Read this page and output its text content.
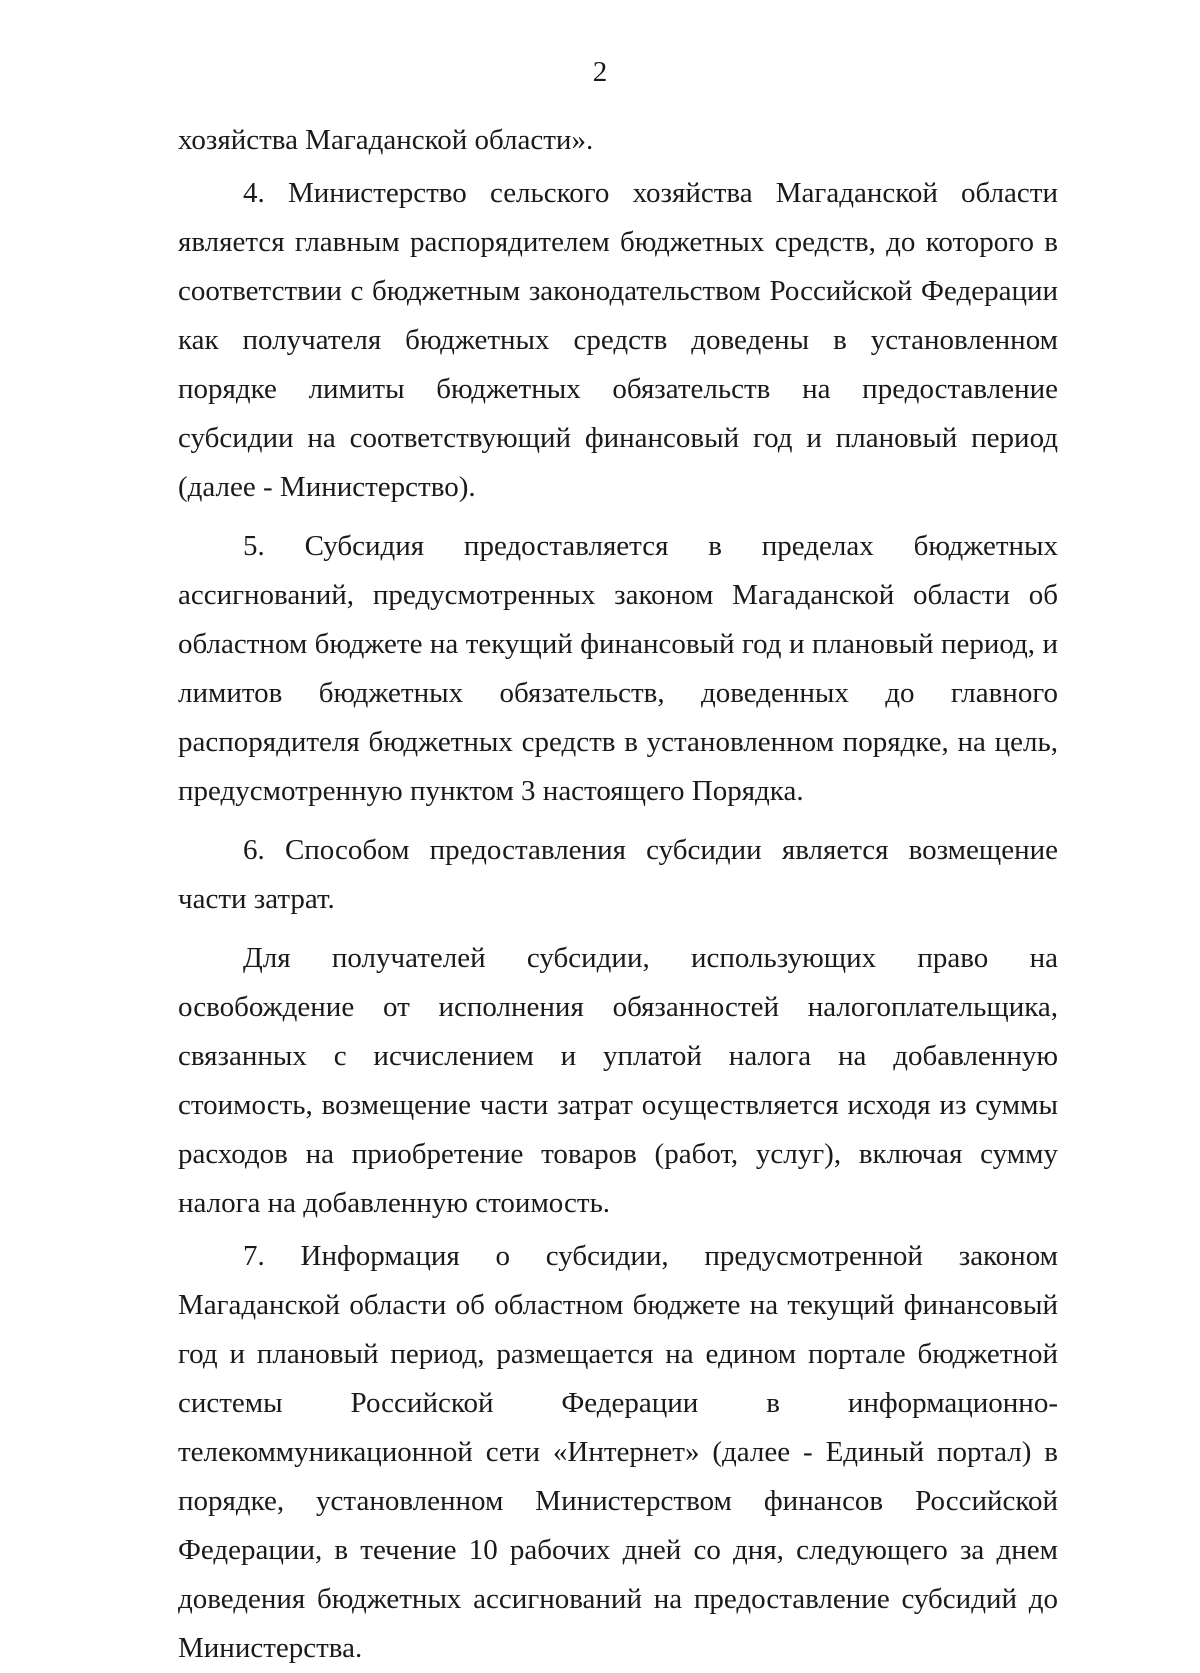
2

хозяйства Магаданской области».

4. Министерство сельского хозяйства Магаданской области является главным распорядителем бюджетных средств, до которого в соответствии с бюджетным законодательством Российской Федерации как получателя бюджетных средств доведены в установленном порядке лимиты бюджетных обязательств на предоставление субсидии на соответствующий финансовый год и плановый период (далее - Министерство).

5. Субсидия предоставляется в пределах бюджетных ассигнований, предусмотренных законом Магаданской области об областном бюджете на текущий финансовый год и плановый период, и лимитов бюджетных обязательств, доведенных до главного распорядителя бюджетных средств в установленном порядке, на цель, предусмотренную пунктом 3 настоящего Порядка.

6. Способом предоставления субсидии является возмещение части затрат.

Для получателей субсидии, использующих право на освобождение от исполнения обязанностей налогоплательщика, связанных с исчислением и уплатой налога на добавленную стоимость, возмещение части затрат осуществляется исходя из суммы расходов на приобретение товаров (работ, услуг), включая сумму налога на добавленную стоимость.

7. Информация о субсидии, предусмотренной законом Магаданской области об областном бюджете на текущий финансовый год и плановый период, размещается на едином портале бюджетной системы Российской Федерации в информационно-телекоммуникационной сети «Интернет» (далее - Единый портал) в порядке, установленном Министерством финансов Российской Федерации, в течение 10 рабочих дней со дня, следующего за днем доведения бюджетных ассигнований на предоставление субсидий до Министерства.
